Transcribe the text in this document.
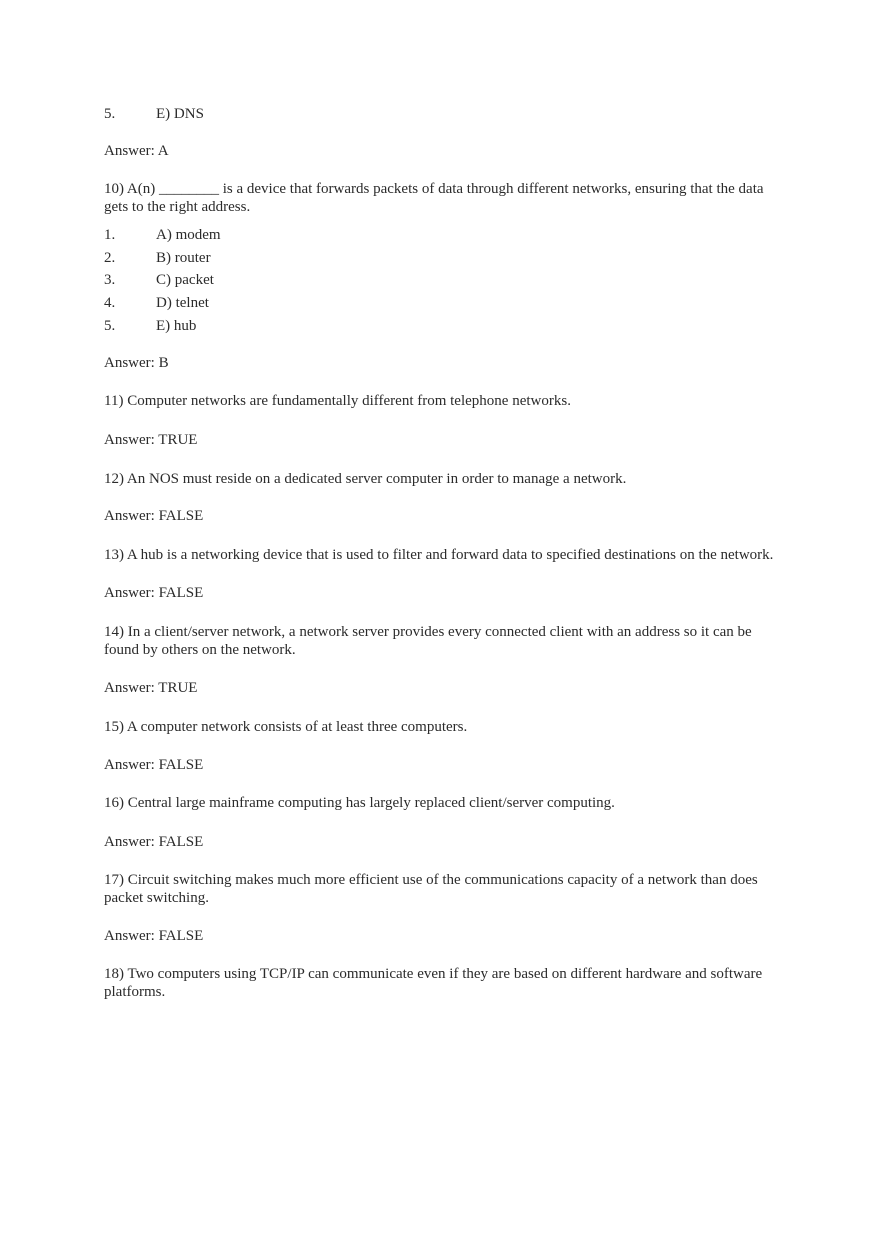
5.	E) DNS

Answer: A

10) A(n) ________ is a device that forwards packets of data through different networks, ensuring that the data gets to the right address.

1.	A) modem
2.	B) router
3.	C) packet
4.	D) telnet
5.	E) hub

Answer: B

11) Computer networks are fundamentally different from telephone networks.

Answer: TRUE

12) An NOS must reside on a dedicated server computer in order to manage a network.

Answer: FALSE

13) A hub is a networking device that is used to filter and forward data to specified destinations on the network.

Answer: FALSE

14) In a client/server network, a network server provides every connected client with an address so it can be found by others on the network.

Answer: TRUE

15) A computer network consists of at least three computers.

Answer: FALSE

16) Central large mainframe computing has largely replaced client/server computing.

Answer: FALSE

17) Circuit switching makes much more efficient use of the communications capacity of a network than does packet switching.

Answer: FALSE

18) Two computers using TCP/IP can communicate even if they are based on different hardware and software platforms.
